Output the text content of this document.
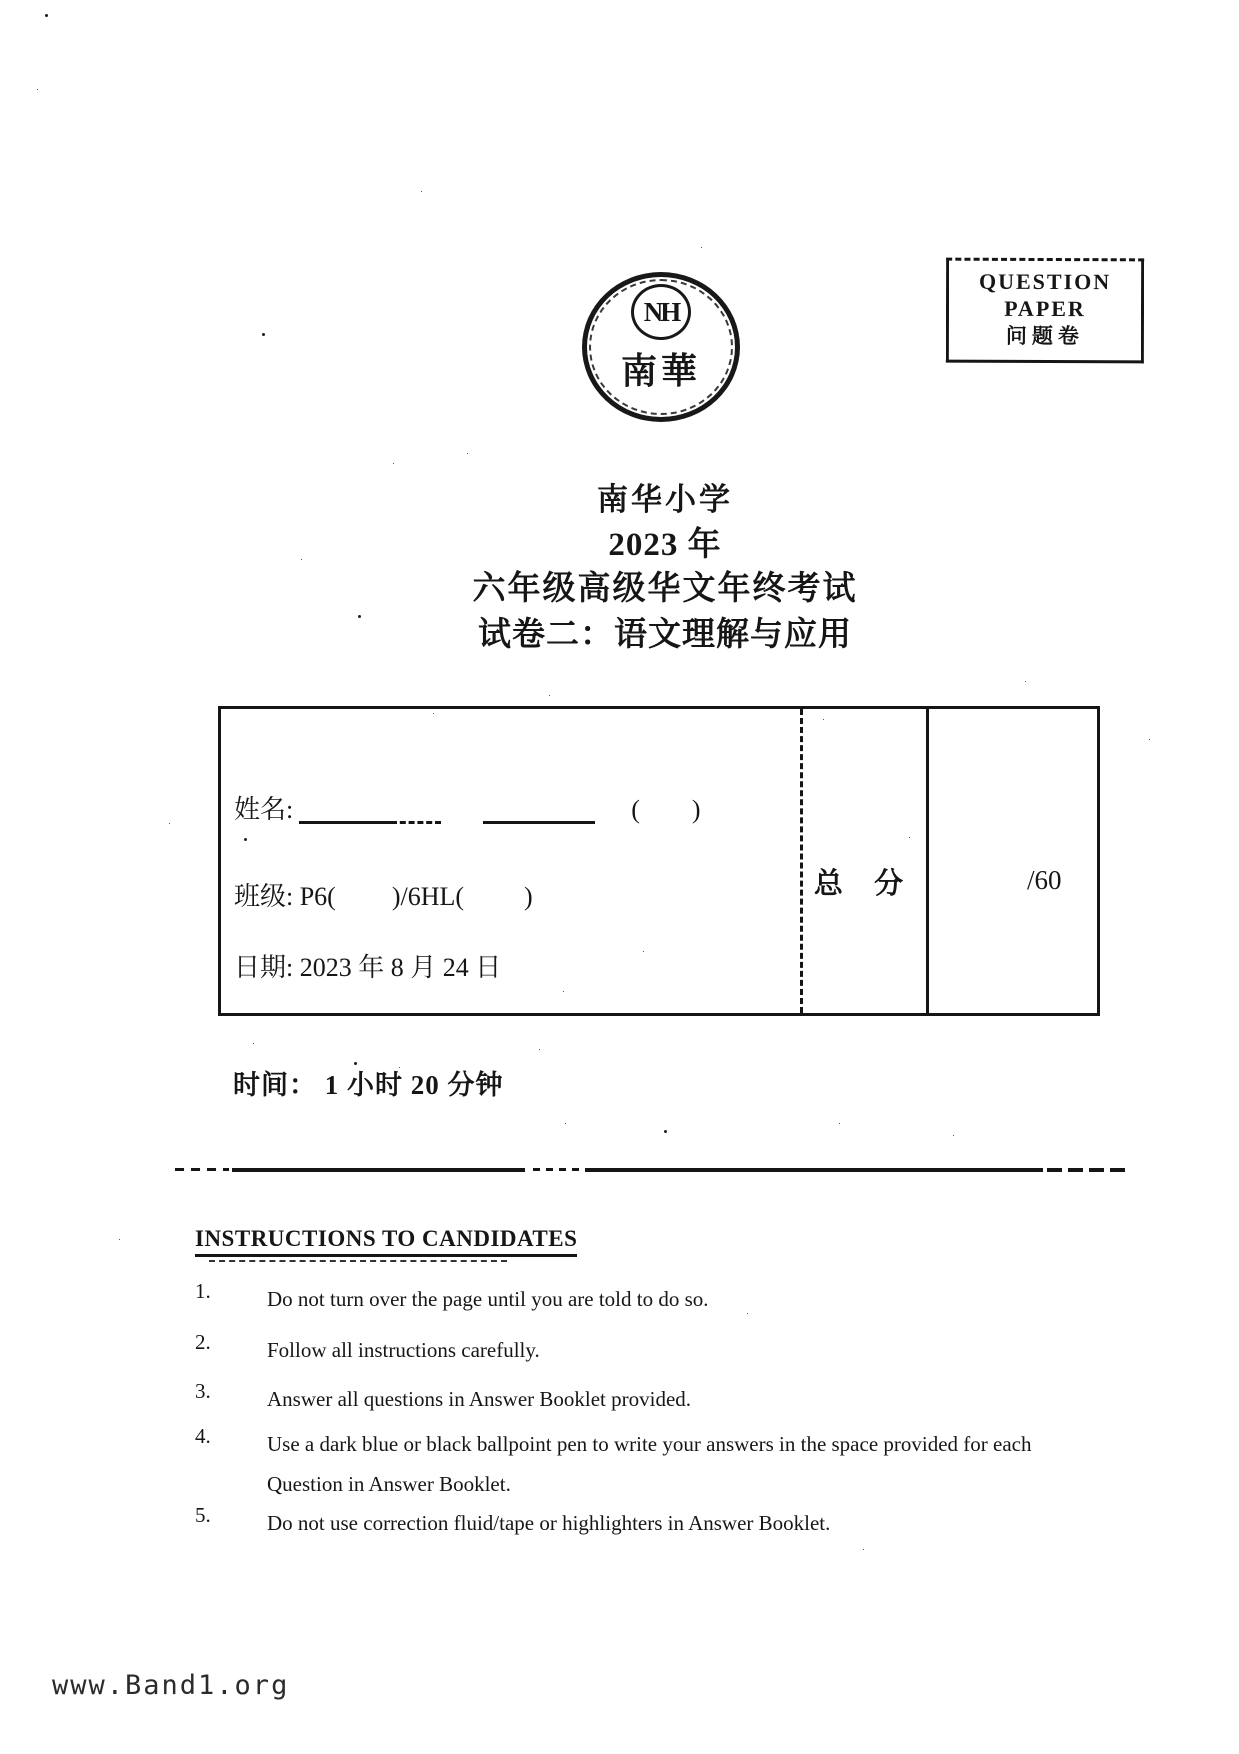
QUESTION
PAPER
问题卷
NH
南華
南华小学
2023 年
六年级高级华文年终考试
试卷二：语文理解与应用
姓名:	( )
班级: P6( )/6HL( )
日期: 2023 年 8 月 24 日
总 分	/60
时间： 1 小时 20 分钟
INSTRUCTIONS TO CANDIDATES
1.	Do not turn over the page until you are told to do so.
2.	Follow all instructions carefully.
3.	Answer all questions in Answer Booklet provided.
4.	Use a dark blue or black ballpoint pen to write your answers in the space provided for each Question in Answer Booklet.
5.	Do not use correction fluid/tape or highlighters in Answer Booklet.
www.Band1.org
